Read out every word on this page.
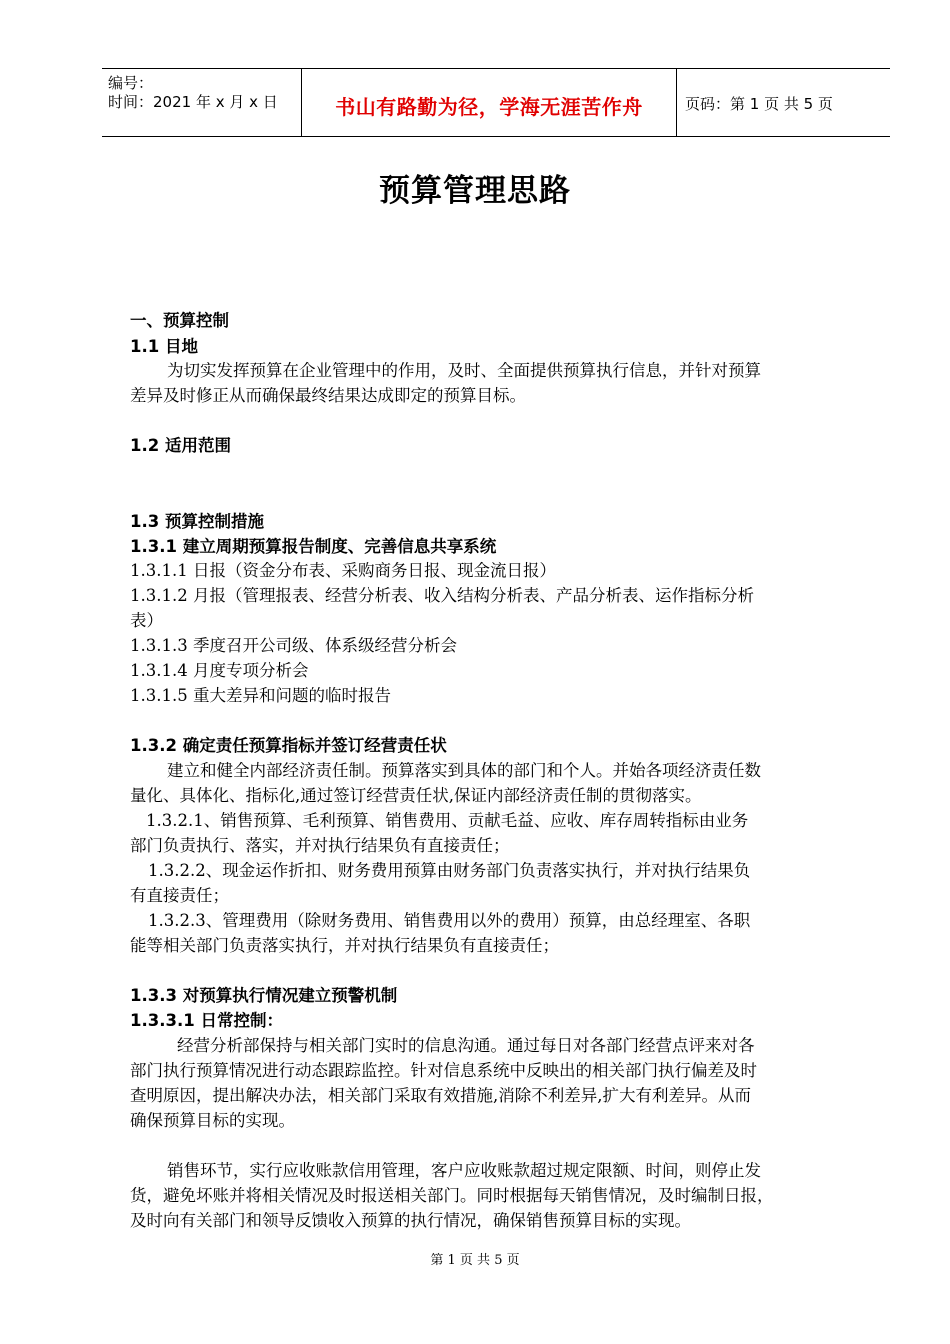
编号：
时间：2021 年 x 月 x 日	书山有路勤为径，学海无涯苦作舟	页码：第 1 页 共 5 页
预算管理思路
一、预算控制
1.1 目地
为切实发挥预算在企业管理中的作用，及时、全面提供预算执行信息，并针对预算
差异及时修正从而确保最终结果达成即定的预算目标。
1.2 适用范围
1.3 预算控制措施
1.3.1 建立周期预算报告制度、完善信息共享系统
1.3.1.1 日报（资金分布表、采购商务日报、现金流日报）
1.3.1.2 月报（管理报表、经营分析表、收入结构分析表、产品分析表、运作指标分析
表）
1.3.1.3 季度召开公司级、体系级经营分析会
1.3.1.4 月度专项分析会
1.3.1.5 重大差异和问题的临时报告
1.3.2 确定责任预算指标并签订经营责任状
建立和健全内部经济责任制。预算落实到具体的部门和个人。并始各项经济责任数
量化、具体化、指标化,通过签订经营责任状,保证内部经济责任制的贯彻落实。
1.3.2.1、销售预算、毛利预算、销售费用、贡献毛益、应收、库存周转指标由业务
部门负责执行、落实，并对执行结果负有直接责任；
1.3.2.2、现金运作折扣、财务费用预算由财务部门负责落实执行，并对执行结果负
有直接责任；
1.3.2.3、管理费用（除财务费用、销售费用以外的费用）预算，由总经理室、各职
能等相关部门负责落实执行，并对执行结果负有直接责任；
1.3.3 对预算执行情况建立预警机制
1.3.3.1 日常控制：
经营分析部保持与相关部门实时的信息沟通。通过每日对各部门经营点评来对各
部门执行预算情况进行动态跟踪监控。针对信息系统中反映出的相关部门执行偏差及时
查明原因，提出解决办法，相关部门采取有效措施,消除不利差异,扩大有利差异。从而
确保预算目标的实现。
销售环节，实行应收账款信用管理，客户应收账款超过规定限额、时间，则停止发
货，避免坏账并将相关情况及时报送相关部门。同时根据每天销售情况，及时编制日报，
及时向有关部门和领导反馈收入预算的执行情况，确保销售预算目标的实现。
第 1 页 共 5 页
